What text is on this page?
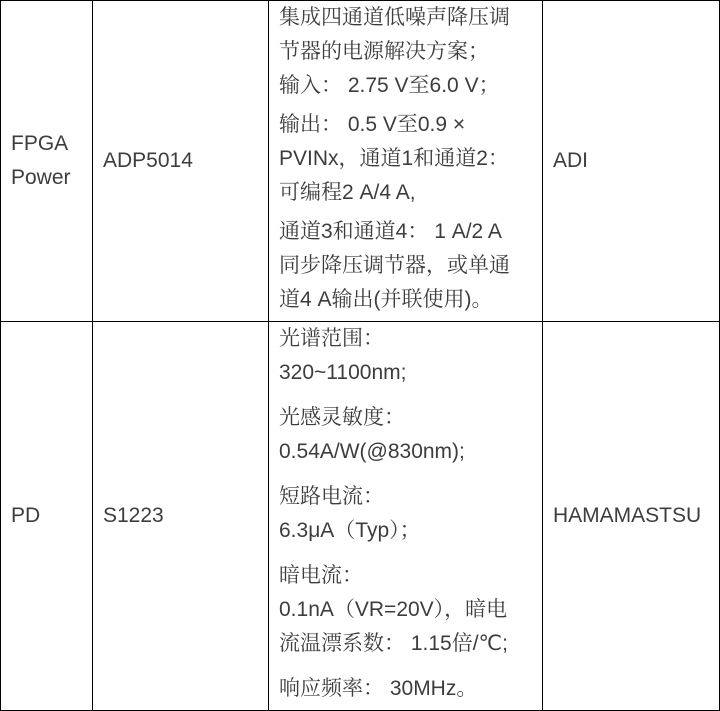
FPGA Power
ADP5014

集成四通道低噪声降压调
节器的电源解决方案；
输入： 2.75 V至6.0 V；

输出： 0.5 V至0.9 ×
PVINx，通道1和通道2：
可编程2 A/4 A,

通道3和通道4： 1 A/2 A
同步降压调节器，或单通
道4 A输出(并联使用)。

ADI
PD	S1223

光谱范围：
320~1100nm;

光感灵敏度：
0.54A/W(@830nm);

短路电流：
6.3μA（Typ）；

暗电流：
0.1nA（VR=20V），暗电
流温漂系数： 1.15倍/℃;

响应频率： 30MHz。

HAMAMASTSU
